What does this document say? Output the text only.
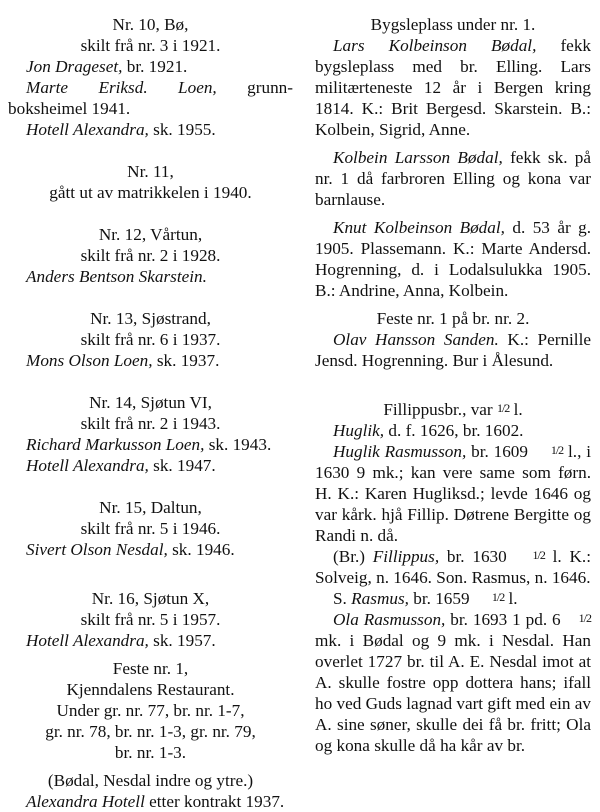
Nr. 10, Bø,

skilt frå nr. 3 i 1921.

Jon Drageset, br. 1921.

Marte Eriksd. Loen, grunn-boksheimel 1941.

Hotell Alexandra, sk. 1955.

Nr. 11,

gått ut av matrikkelen i 1940.

Nr. 12, Vårtun,

skilt frå nr. 2 i 1928.

Anders Bentson Skarstein.

Nr. 13, Sjøstrand,

skilt frå nr. 6 i 1937.

Mons Olson Loen, sk. 1937.

Nr. 14, Sjøtun VI,

skilt frå nr. 2 i 1943.

Richard Markusson Loen, sk. 1943.

Hotell Alexandra, sk. 1947.

Nr. 15, Daltun,

skilt frå nr. 5 i 1946.

Sivert Olson Nesdal, sk. 1946.

Nr. 16, Sjøtun X,

skilt frå nr. 5 i 1957.

Hotell Alexandra, sk. 1957.

Feste nr. 1,

Kjenndalens Restaurant.

Under gr. nr. 77, br. nr. 1-7,

gr. nr. 78, br. nr. 1-3, gr. nr. 79,

br. nr. 1-3.

(Bødal, Nesdal indre og ytre.)

Alexandra Hotell etter kontrakt 1937.

Bygsleplass under nr. 1.

Lars Kolbeinson Bødal, fekk bygsleplass med br. Elling. Lars militærteneste 12 år i Bergen kring 1814. K.: Brit Bergesd. Skarstein. B.: Kolbein, Sigrid, Anne.

Kolbein Larsson Bødal, fekk sk. på nr. 1 då farbroren Elling og kona var barnlause.

Knut Kolbeinson Bødal, d. 53 år g. 1905. Plassemann. K.: Marte Andersd. Hogrenning, d. i Lodalsulukka 1905. B.: Andrine, Anna, Kolbein.

Feste nr. 1 på br. nr. 2.

Olav Hansson Sanden. K.: Pernille Jensd. Hogrenning. Bur i Ålesund.

Fillippusbr., var 1/2 l.

Huglik, d. f. 1626, br. 1602.

Huglik Rasmusson, br. 1609 1/2 l., i 1630 9 mk.; kan vere same som førn. H. K.: Karen Hugliksd.; levde 1646 og var kårk. hjå Fillip. Døtrene Bergitte og Randi n. då.

(Br.) Fillippus, br. 1630 1/2 l. K.: Solveig, n. 1646. Son. Rasmus, n. 1646.

S. Rasmus, br. 1659 1/2 l.

Ola Rasmusson, br. 1693 1 pd. 6 1/2 mk. i Bødal og 9 mk. i Nesdal. Han overlet 1727 br. til A. E. Nesdal imot at A. skulle fostre opp dottera hans; ifall ho ved Guds lagnad vart gift med ein av A. sine søner, skulle dei få br. fritt; Ola og kona skulle då ha kår av br.
